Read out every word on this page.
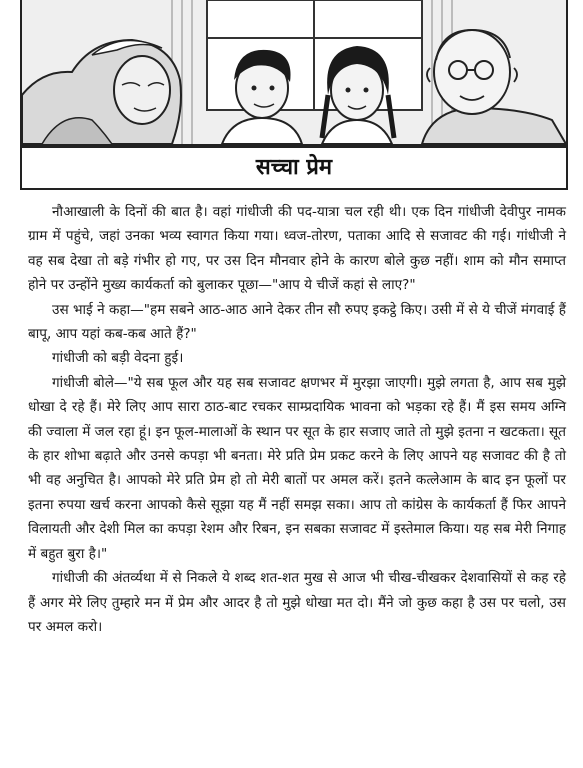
सच्चा प्रेम

नौआखाली के दिनों की बात है। वहां गांधीजी की पद-यात्रा चल रही थी। एक दिन गांधीजी देवीपुर नामक ग्राम में पहुंचे, जहां उनका भव्य स्वागत किया गया। ध्वज-तोरण, पताका आदि से सजावट की गई। गांधीजी ने वह सब देखा तो बड़े गंभीर हो गए, पर उस दिन मौनवार होने के कारण बोले कुछ नहीं। शाम को मौन समाप्त होने पर उन्होंने मुख्य कार्यकर्ता को बुलाकर पूछा—"आप ये चीजें कहां से लाए?"

उस भाई ने कहा—"हम सबने आठ-आठ आने देकर तीन सौ रुपए इकट्ठे किए। उसी में से ये चीजें मंगवाई हैं बापू, आप यहां कब-कब आते हैं?"

गांधीजी को बड़ी वेदना हुई।

गांधीजी बोले—"ये सब फूल और यह सब सजावट क्षणभर में मुरझा जाएगी। मुझे लगता है, आप सब मुझे धोखा दे रहे हैं। मेरे लिए आप सारा ठाठ-बाट रचकर साम्प्रदायिक भावना को भड़का रहे हैं। मैं इस समय अग्नि की ज्वाला में जल रहा हूं। इन फूल-मालाओं के स्थान पर सूत के हार सजाए जाते तो मुझे इतना न खटकता। सूत के हार शोभा बढ़ाते और उनसे कपड़ा भी बनता। मेरे प्रति प्रेम प्रकट करने के लिए आपने यह सजावट की है तो भी वह अनुचित है। आपको मेरे प्रति प्रेम हो तो मेरी बातों पर अमल करें। इतने कत्लेआम के बाद इन फूलों पर इतना रुपया खर्च करना आपको कैसे सूझा यह मैं नहीं समझ सका। आप तो कांग्रेस के कार्यकर्ता हैं फिर आपने विलायती और देशी मिल का कपड़ा रेशम और रिबन, इन सबका सजावट में इस्तेमाल किया। यह सब मेरी निगाह में बहुत बुरा है।"

गांधीजी की अंतर्व्यथा में से निकले ये शब्द शत-शत मुख से आज भी चीख-चीखकर देशवासियों से कह रहे हैं अगर मेरे लिए तुम्हारे मन में प्रेम और आदर है तो मुझे धोखा मत दो। मैंने जो कुछ कहा है उस पर चलो, उस पर अमल करो।
